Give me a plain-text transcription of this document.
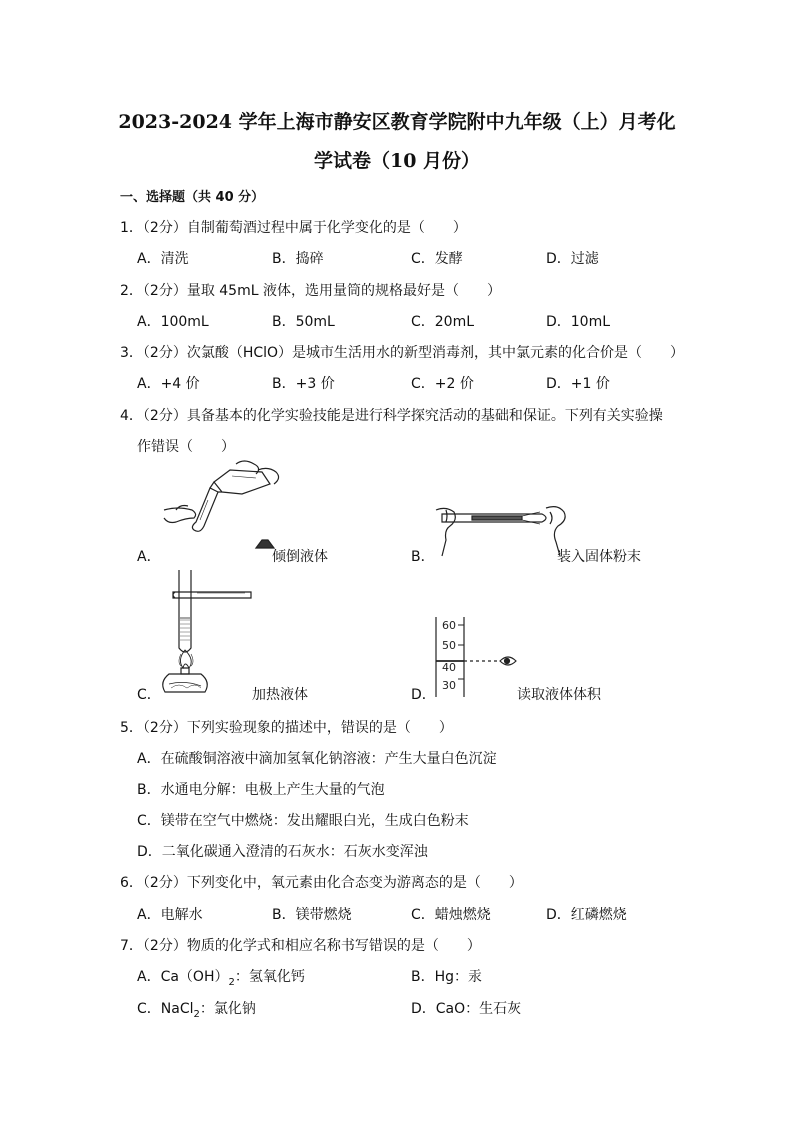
2023-2024 学年上海市静安区教育学院附中九年级（上）月考化
学试卷（10 月份）
一、选择题（共 40 分）
1．（2分）自制葡萄酒过程中属于化学变化的是（　　）
A．清洗	B．捣碎	C．发酵	D．过滤
2．（2分）量取 45mL 液体，选用量筒的规格最好是（　　）
A．100mL	B．50mL	C．20mL	D．10mL
3．（2分）次氯酸（HClO）是城市生活用水的新型消毒剂，其中氯元素的化合价是（　　）
A．+4 价	B．+3 价	C．+2 价	D．+1 价
4．（2分）具备基本的化学实验技能是进行科学探究活动的基础和保证。下列有关实验操
作错误（　　）
A．	倾倒液体	B．	装入固体粉末
C．	加热液体
60
50
40
30
D．	读取液体体积
5．（2分）下列实验现象的描述中，错误的是（　　）
A．在硫酸铜溶液中滴加氢氧化钠溶液：产生大量白色沉淀
B．水通电分解：电极上产生大量的气泡
C．镁带在空气中燃烧：发出耀眼白光，生成白色粉末
D．二氧化碳通入澄清的石灰水：石灰水变浑浊
6．（2分）下列变化中，氧元素由化合态变为游离态的是（　　）
A．电解水	B．镁带燃烧	C．蜡烛燃烧	D．红磷燃烧
7．（2分）物质的化学式和相应名称书写错误的是（　　）
A．$Ca(OH)_2$：氢氧化钙	B．Hg：汞
C．NaCl$_2$：氯化钠	D．CaO：生石灰
